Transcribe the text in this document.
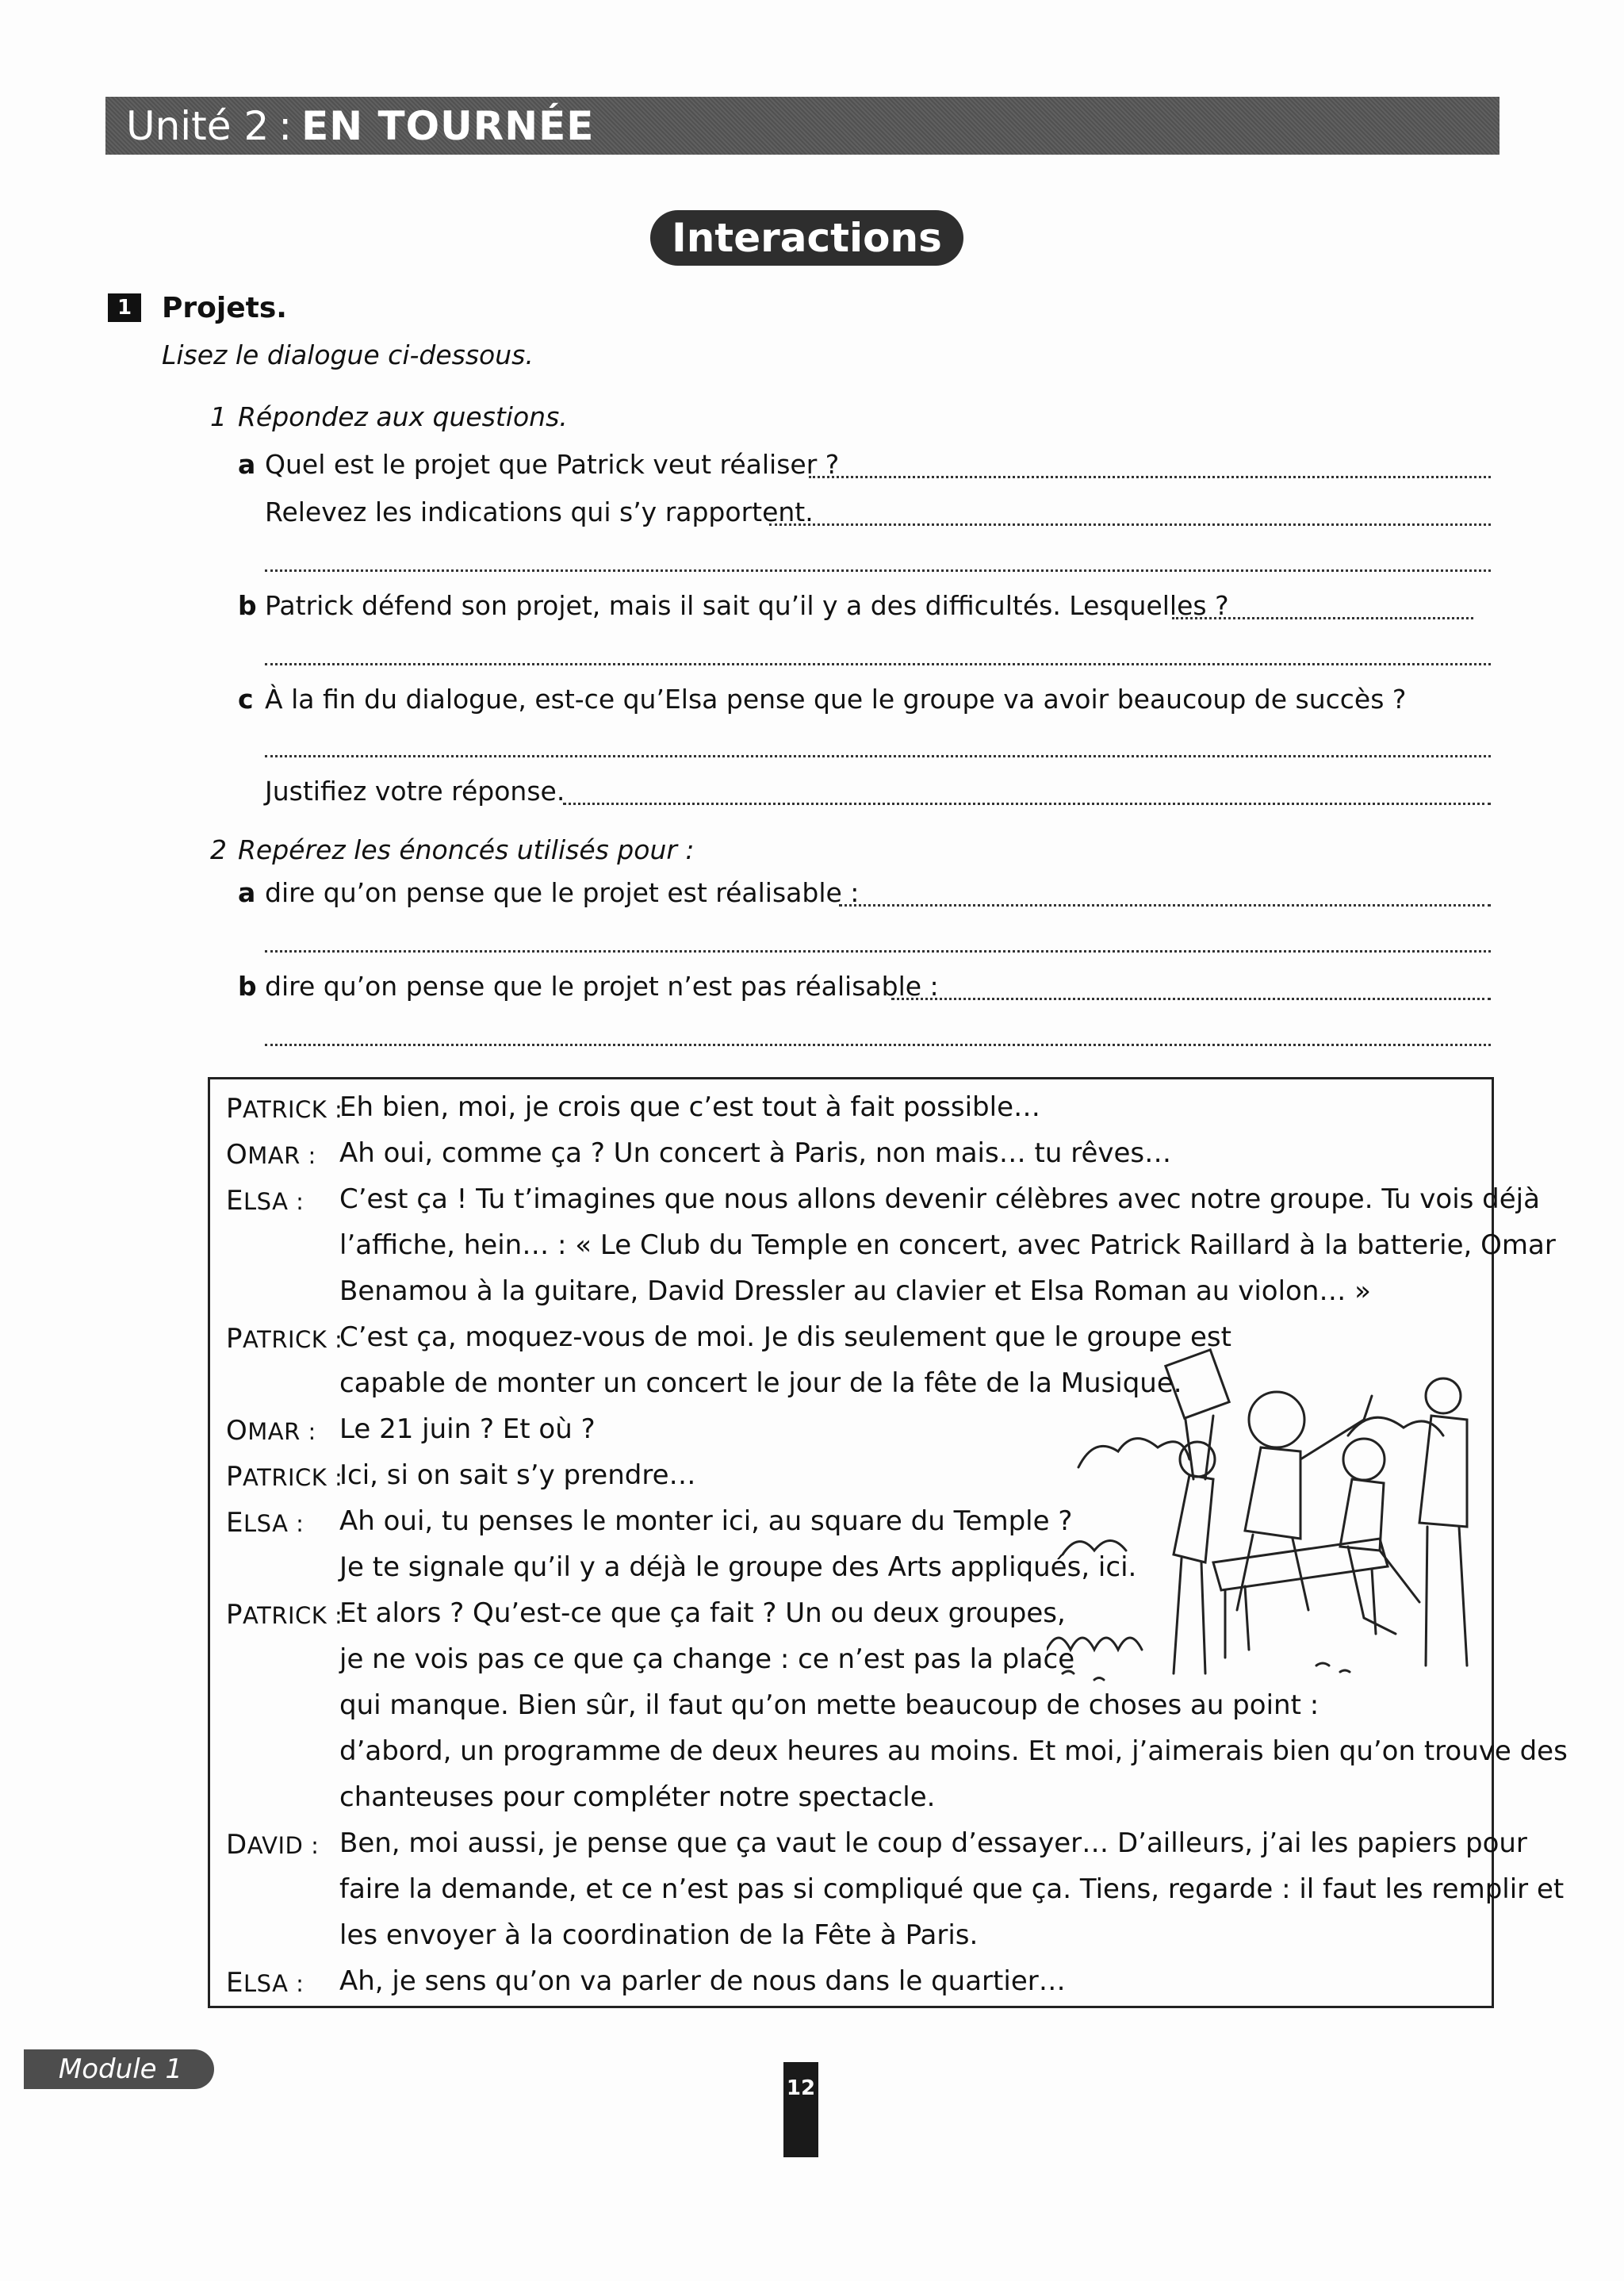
Unité 2 : EN TOURNÉE
Interactions
1	Projets.
Lisez le dialogue ci-dessous.
1 Répondez aux questions.
a Quel est le projet que Patrick veut réaliser ?
Relevez les indications qui s’y rapportent.
b Patrick défend son projet, mais il sait qu’il y a des difficultés. Lesquelles ?
c À la fin du dialogue, est-ce qu’Elsa pense que le groupe va avoir beaucoup de succès ?
Justifiez votre réponse.
2 Repérez les énoncés utilisés pour :
a dire qu’on pense que le projet est réalisable :
b dire qu’on pense que le projet n’est pas réalisable :
PATRICK :
OMAR :
ELSA :
PATRICK :
OMAR :
PATRICK :
ELSA :
PATRICK :
DAVID :
ELSA :
Eh bien, moi, je crois que c’est tout à fait possible…
Ah oui, comme ça ? Un concert à Paris, non mais… tu rêves…
C’est ça ! Tu t’imagines que nous allons devenir célèbres avec notre groupe. Tu vois déjà
l’affiche, hein… : « Le Club du Temple en concert, avec Patrick Raillard à la batterie, Omar
Benamou à la guitare, David Dressler au clavier et Elsa Roman au violon… »
C’est ça, moquez-vous de moi. Je dis seulement que le groupe est
capable de monter un concert le jour de la fête de la Musique.
Le 21 juin ? Et où ?
Ici, si on sait s’y prendre…
Ah oui, tu penses le monter ici, au square du Temple ?
Je te signale qu’il y a déjà le groupe des Arts appliqués, ici.
Et alors ? Qu’est-ce que ça fait ? Un ou deux groupes,
je ne vois pas ce que ça change : ce n’est pas la place
qui manque. Bien sûr, il faut qu’on mette beaucoup de choses au point :
d’abord, un programme de deux heures au moins. Et moi, j’aimerais bien qu’on trouve des
chanteuses pour compléter notre spectacle.
Ben, moi aussi, je pense que ça vaut le coup d’essayer… D’ailleurs, j’ai les papiers pour
faire la demande, et ce n’est pas si compliqué que ça. Tiens, regarde : il faut les remplir et
les envoyer à la coordination de la Fête à Paris.
Ah, je sens qu’on va parler de nous dans le quartier…
Module 1
12
